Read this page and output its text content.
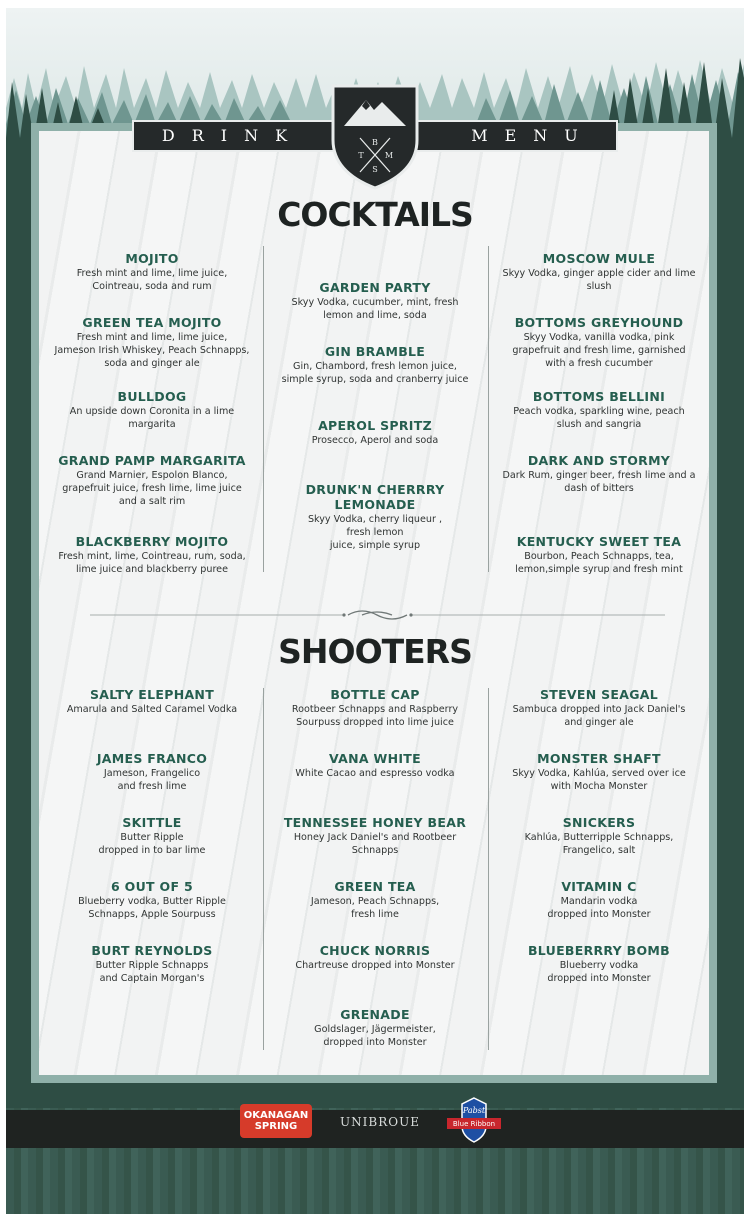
DRINK	MENU
B
T	M
S
COCKTAILS
SHOOTERS
MOJITO
Fresh mint and lime, lime juice,
Cointreau, soda and rum
GREEN TEA MOJITO
Fresh mint and lime, lime juice,
Jameson Irish Whiskey, Peach Schnapps,
soda and ginger ale
BULLDOG
An upside down Coronita in a lime
margarita
GRAND PAMP MARGARITA
Grand Marnier, Espolon Blanco,
grapefruit juice, fresh lime, lime juice
and a salt rim
BLACKBERRY MOJITO
Fresh mint, lime, Cointreau, rum, soda,
lime juice and blackberry puree
GARDEN PARTY
Skyy Vodka, cucumber, mint, fresh
lemon and lime, soda
GIN BRAMBLE
Gin, Chambord, fresh lemon juice,
simple syrup, soda and cranberry juice
APEROL SPRITZ
Prosecco, Aperol and soda
DRUNK'N CHERRRY LEMONADE
Skyy Vodka, cherry liqueur , fresh lemon
juice, simple syrup
MOSCOW MULE
Skyy Vodka, ginger apple cider and lime
slush
BOTTOMS GREYHOUND
Skyy Vodka, vanilla vodka, pink
grapefruit and fresh lime, garnished
with a fresh cucumber
BOTTOMS BELLINI
Peach vodka, sparkling wine, peach
slush and sangria
DARK AND STORMY
Dark Rum, ginger beer, fresh lime and a
dash of bitters
KENTUCKY SWEET TEA
Bourbon, Peach Schnapps, tea,
lemon,simple syrup and fresh mint
SALTY ELEPHANT
Amarula and Salted Caramel Vodka
JAMES FRANCO
Jameson, Frangelico
and fresh lime
SKITTLE
Butter Ripple
dropped in to bar lime
6 OUT OF 5
Blueberry vodka, Butter Ripple
Schnapps, Apple Sourpuss
BURT REYNOLDS
Butter Ripple Schnapps
and Captain Morgan's
BOTTLE CAP
Rootbeer Schnapps and Raspberry
Sourpuss dropped into lime juice
VANA WHITE
White Cacao and espresso vodka
TENNESSEE HONEY BEAR
Honey Jack Daniel's and Rootbeer
Schnapps
GREEN TEA
Jameson, Peach Schnapps,
fresh lime
CHUCK NORRIS
Chartreuse dropped into Monster
GRENADE
Goldslager, Jägermeister,
dropped into Monster
STEVEN SEAGAL
Sambuca dropped into Jack Daniel's
and ginger ale
MONSTER SHAFT
Skyy Vodka, Kahlúa, served over ice
with Mocha Monster
SNICKERS
Kahlúa, Butterripple Schnapps,
Frangelico, salt
VITAMIN C
Mandarin vodka
dropped into Monster
BLUEBERRRY BOMB
Blueberry vodka
dropped into Monster
OKANAGAN
SPRING	UNIBROUE
Pabst
Blue Ribbon
